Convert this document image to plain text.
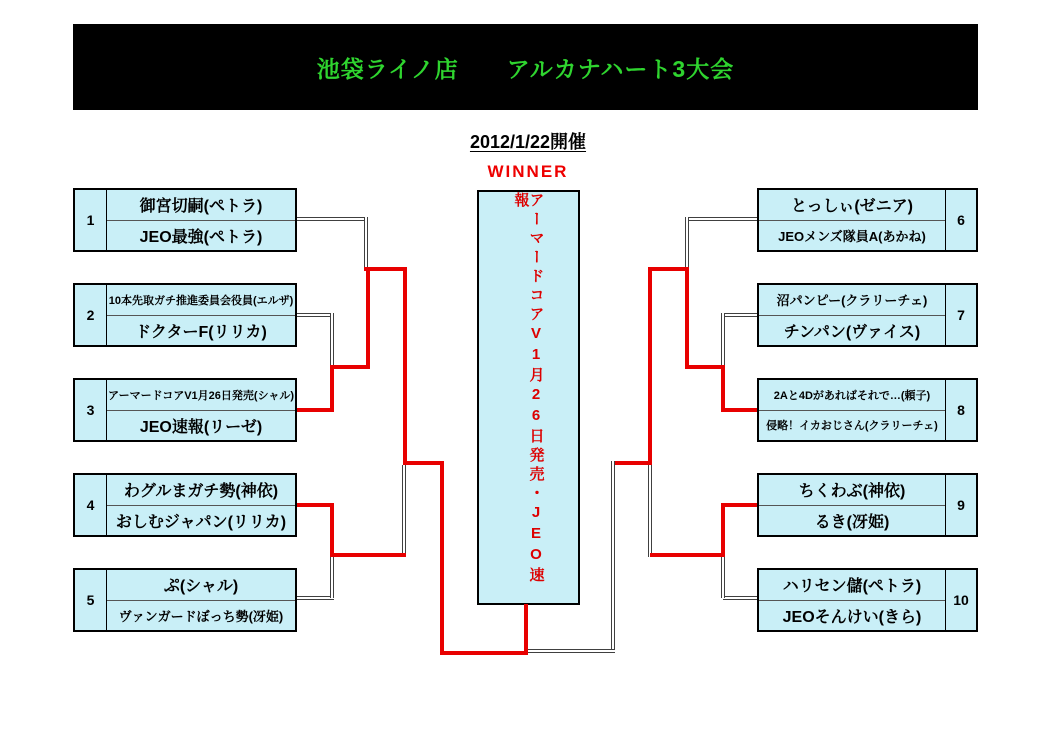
池袋ライノ店　　アルカナハート3大会
2012/1/22開催
WINNER
アーマードコアV1月26日発売・JEO速報
1
御宮切嗣(ペトラ)
JEO最強(ペトラ)
2
10本先取ガチ推進委員会役員(エルザ)
ドクターF(リリカ)
3
アーマードコアV1月26日発売(シャル)
JEO速報(リーゼ)
4
わグルまガチ勢(神依)
おしむジャパン(リリカ)
5
ぷ(シャル)
ヴァンガードぼっち勢(冴姫)
とっしぃ(ゼニア)
JEOメンズ隊員A(あかね)
6
沼パンピー(クラリーチェ)
チンパン(ヴァイス)
7
2Aと4Dがあればそれで…(頼子)
侵略！イカおじさん(クラリーチェ)
8
ちくわぶ(神依)
るき(冴姫)
9
ハリセン儲(ペトラ)
JEOそんけい(きら)
10
